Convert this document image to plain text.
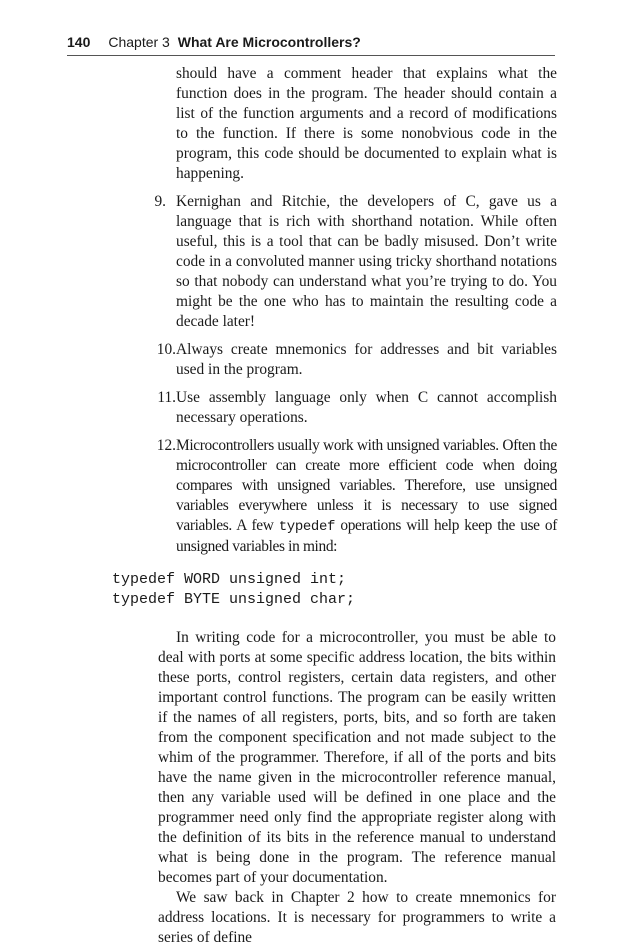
140 Chapter 3 What Are Microcontrollers?

should have a comment header that explains what the function does in the program. The header should contain a list of the function arguments and a record of modifications to the function. If there is some nonobvious code in the program, this code should be documented to explain what is happening.

9. Kernighan and Ritchie, the developers of C, gave us a language that is rich with shorthand notation. While often useful, this is a tool that can be badly misused. Don’t write code in a convoluted manner using tricky shorthand notations so that nobody can understand what you’re trying to do. You might be the one who has to maintain the resulting code a decade later!

10. Always create mnemonics for addresses and bit variables used in the program.

11. Use assembly language only when C cannot accomplish necessary operations.

12. Microcontrollers usually work with unsigned variables. Often the microcontroller can create more efficient code when doing compares with unsigned variables. Therefore, use unsigned variables everywhere unless it is necessary to use signed variables. A few typedef operations will help keep the use of unsigned variables in mind:

typedef WORD unsigned int;
typedef BYTE unsigned char;

In writing code for a microcontroller, you must be able to deal with ports at some specific address location, the bits within these ports, control registers, certain data registers, and other important control functions. The program can be easily written if the names of all registers, ports, bits, and so forth are taken from the component specification and not made subject to the whim of the programmer. Therefore, if all of the ports and bits have the name given in the microcontroller reference manual, then any variable used will be defined in one place and the programmer need only find the appropriate register along with the definition of its bits in the reference manual to understand what is being done in the program. The reference manual becomes part of your documentation.

We saw back in Chapter 2 how to create mnemonics for address locations. It is necessary for programmers to write a series of define
